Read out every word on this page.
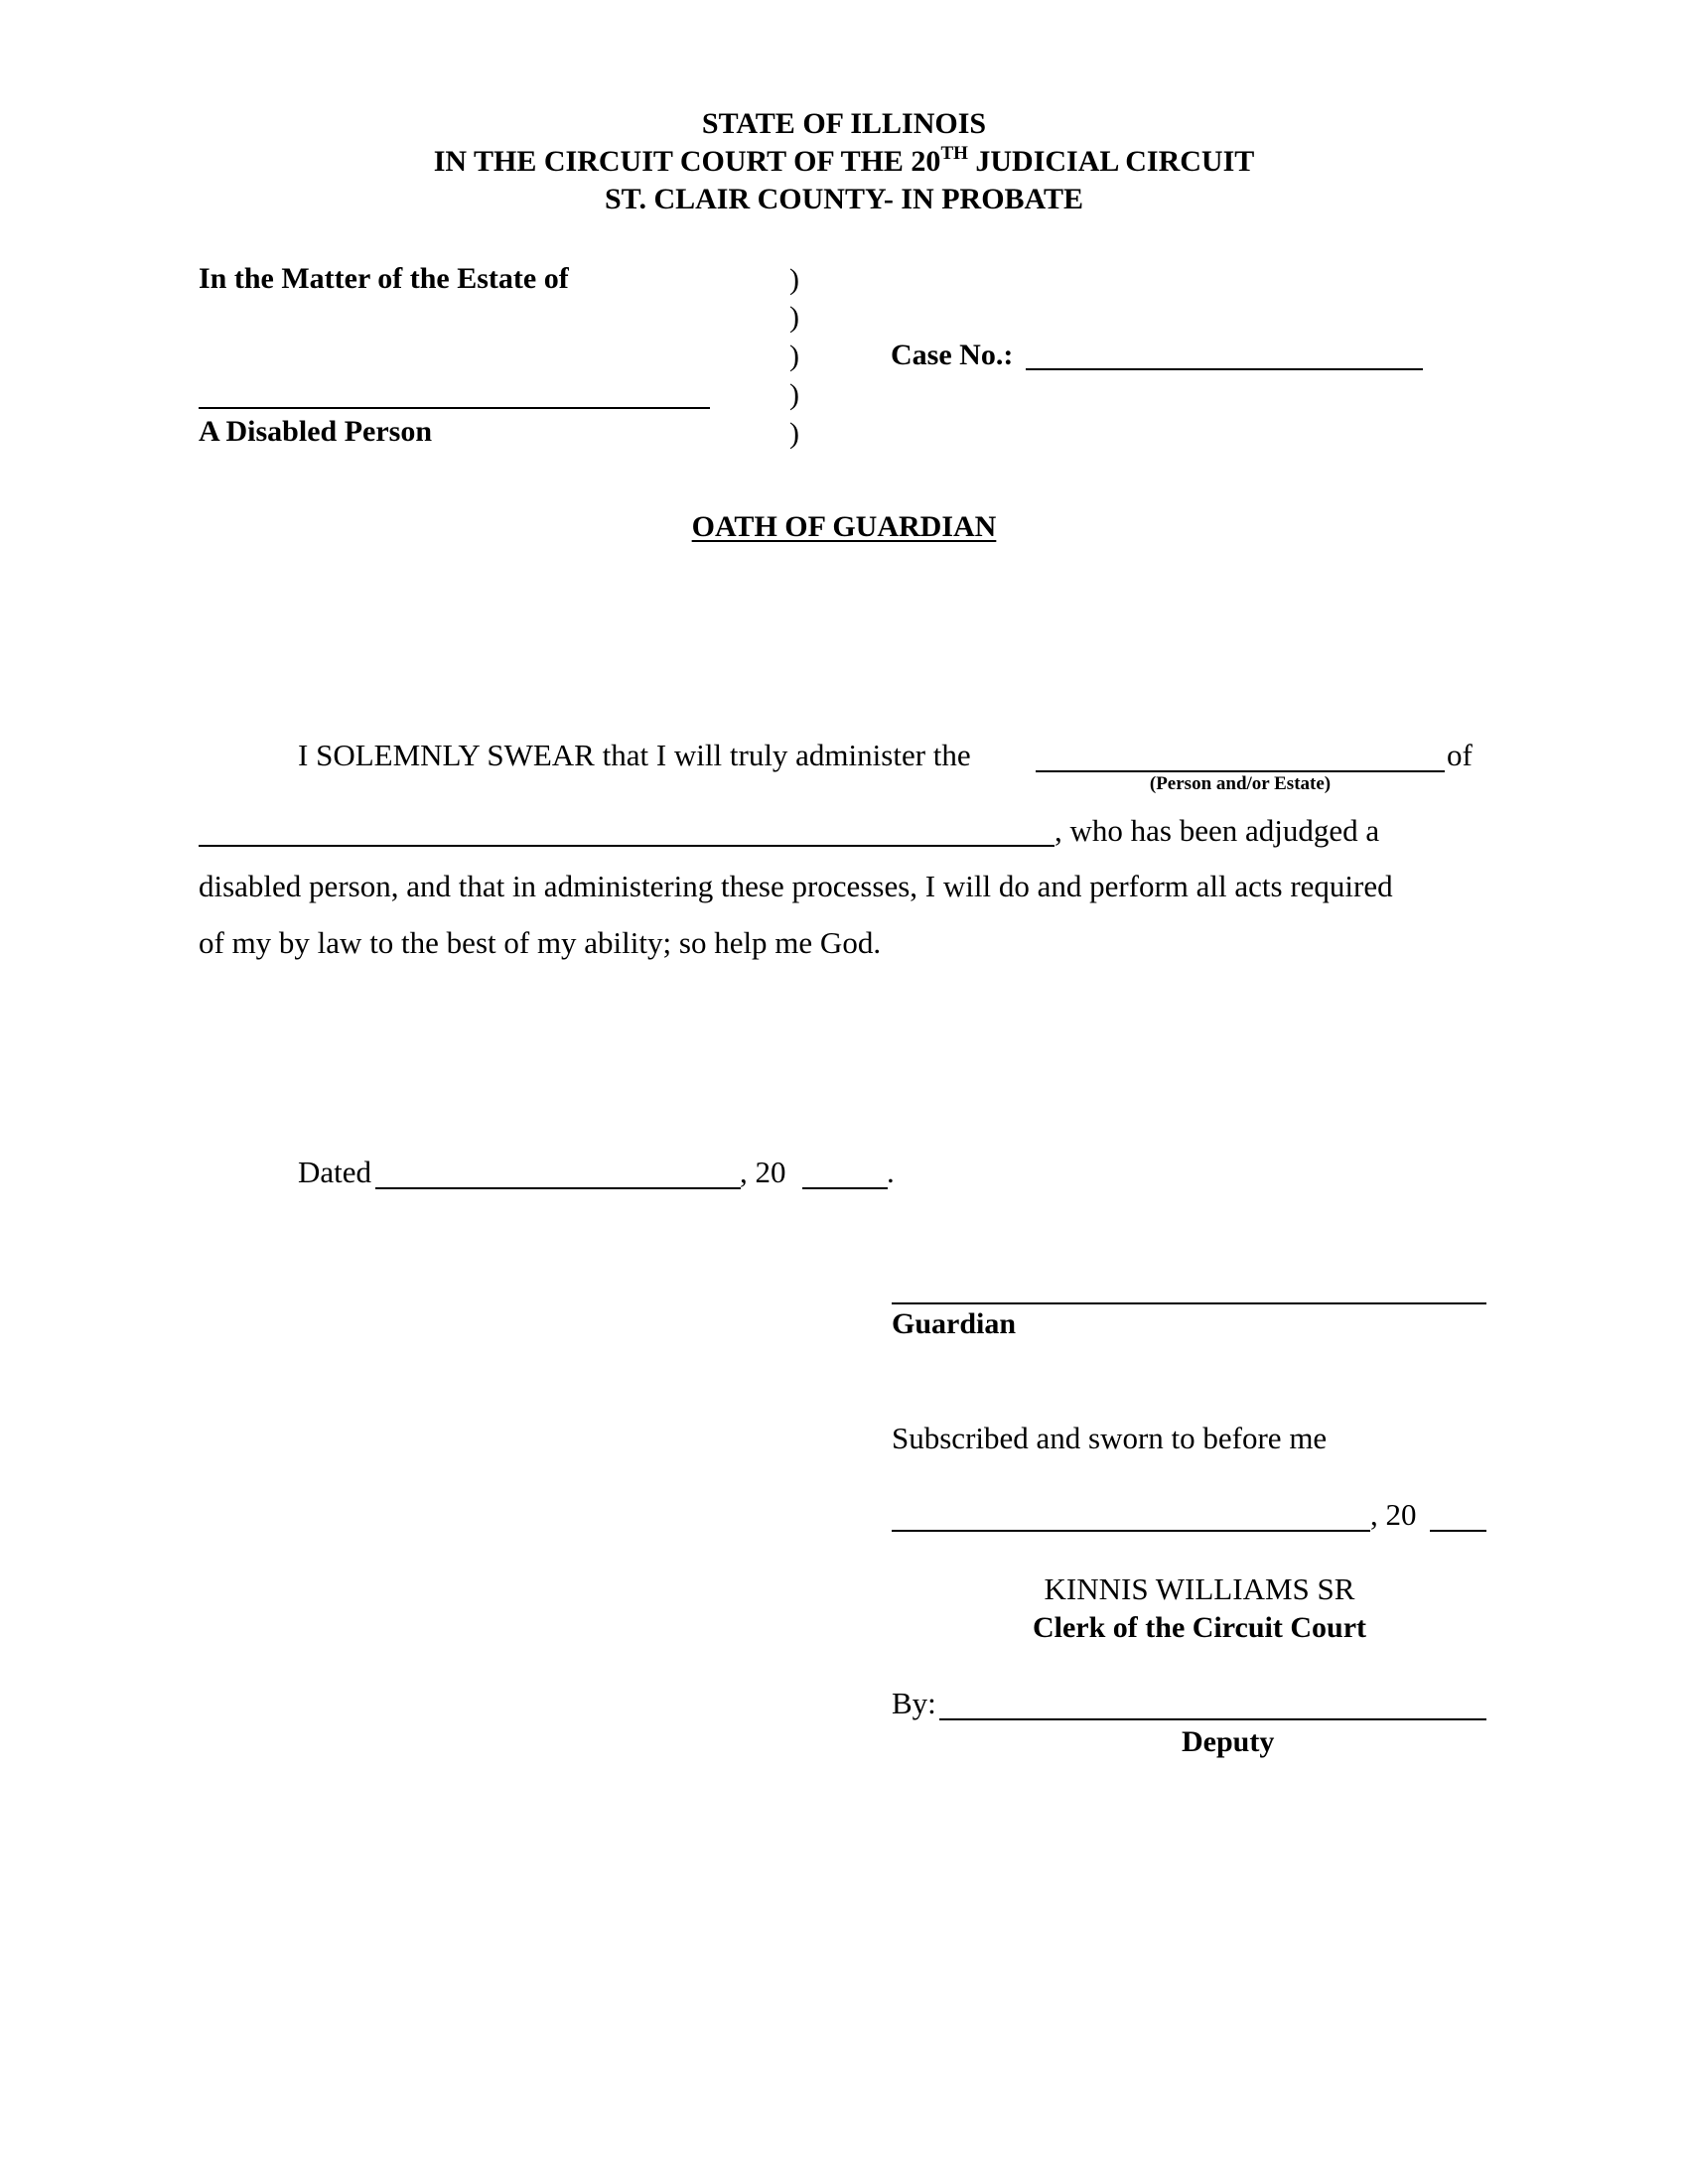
STATE OF ILLINOIS
IN THE CIRCUIT COURT OF THE 20TH JUDICIAL CIRCUIT
ST. CLAIR COUNTY- IN PROBATE
In the Matter of the Estate of	)
)
)
)
)
A Disabled Person
Case No.:
OATH OF GUARDIAN
I SOLEMNLY SWEAR that I will truly administer the	of
(Person and/or Estate)
, who has been adjudged a
disabled person, and that in administering these processes, I will do and perform all acts required
of my by law to the best of my ability; so help me God.
Dated	, 20	.
Guardian
Subscribed and sworn to before me
, 20
KINNIS WILLIAMS SR
Clerk of the Circuit Court
By:
Deputy
